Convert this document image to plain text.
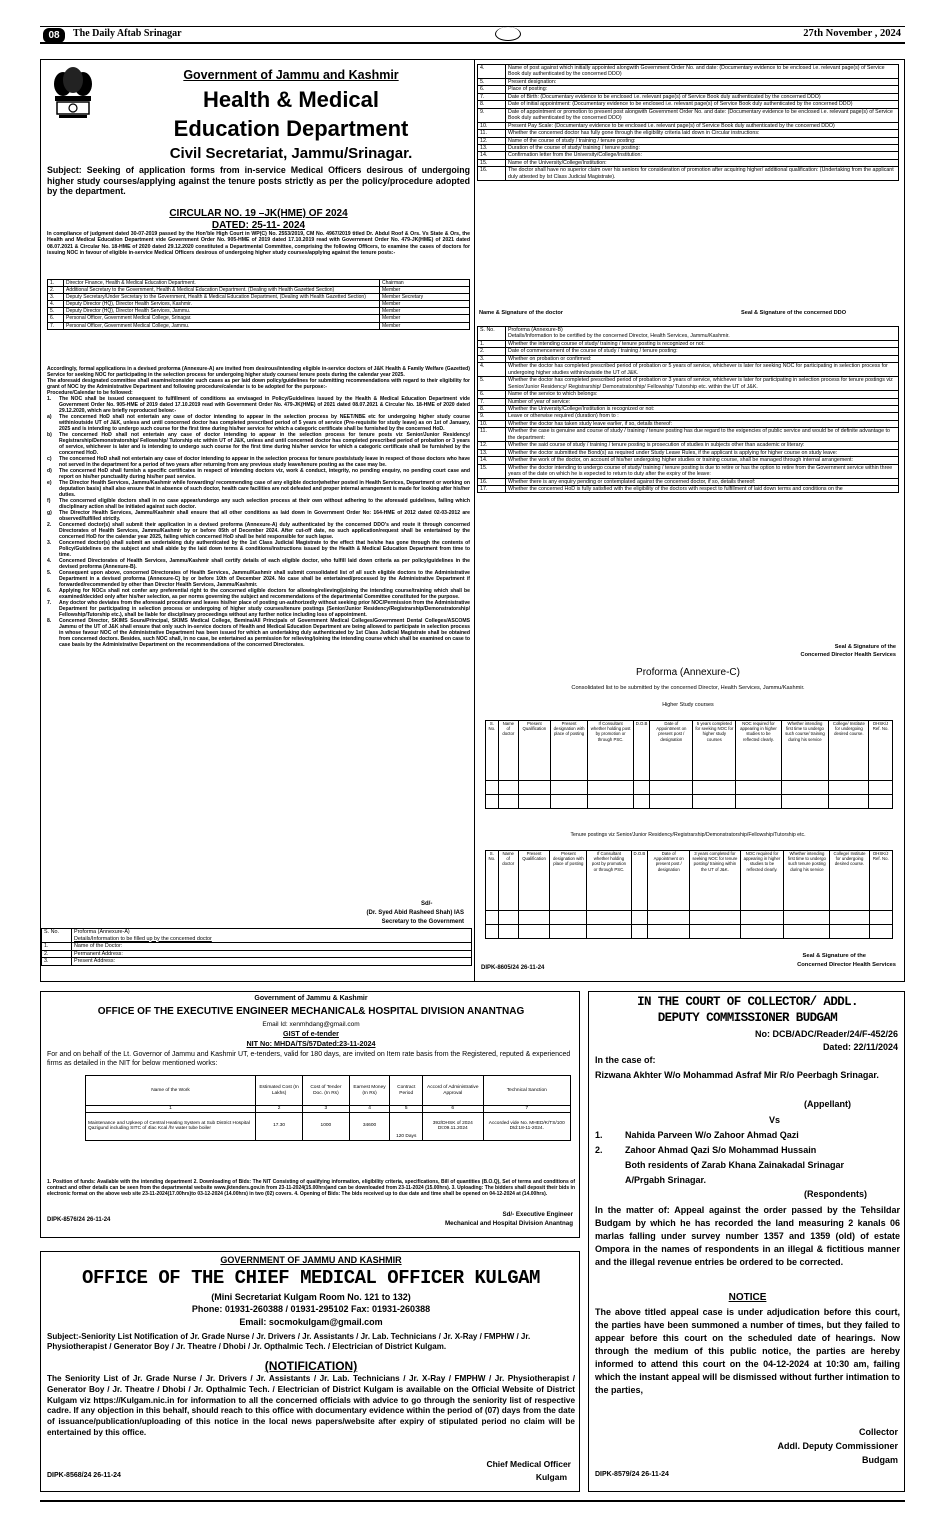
08	The Daily Aftab Srinagar	27th November , 2024
Government of Jammu and Kashmir
Health & Medical
Education Department
Civil Secretariat, Jammu/Srinagar.
Subject: Seeking of application forms from in-service Medical Officers desirous of undergoing higher study courses/applying against the tenure posts strictly as per the policy/procedure adopted by the department.
CIRCULAR NO. 19 –JK(HME) OF 2024
DATED: 25-11- 2024
In compliance of judgment dated 30-07-2019 passed by the Hon'ble High Court in WP(C) No. 2553/2019, CM No. 4967/2019 titled Dr. Abdul Roof & Ors. Vs State & Ors, the Health and Medical Education Department vide Government Order No. 905-HME of 2019 dated 17.10.2019 read with Government Order No. 479-JK(HME) of 2021 dated 08.07.2021 & Circular No. 18-HME of 2020 dated 29.12.2020 constituted a Departmental Committee, comprising the following Officers, to examine the cases of doctors for issuing NOC in favour of eligible in-service Medical Officers desirous of undergoing higher study courses/applying against the tenure posts:-
1.	Director Finance, Health & Medical Education Department.	Chairman
2.	Additional Secretary to the Government, Health & Medical Education Department. (Dealing with Health Gazetted Section)	Member
3.	Deputy Secretary/Under Secretary to the Government, Health & Medical Education Department, (Dealing with Health Gazetted Section)	Member Secretary
4.	Deputy Director (HQ), Director Health Services, Kashmir.	Member
5.	Deputy Director (HQ), Director Health Services, Jammu.	Member
6.	Personal Officer, Government Medical College, Srinagar.	Member
7.	Personal Officer, Government Medical College, Jammu.	Member
Accordingly, formal applications in a devised proforma (Annexure-A) are invited from desirous/intending eligible in-service doctors of J&K Health & Family Welfare (Gazetted) Service for seeking NOC for participating in the selection process for undergoing higher study courses/ tenure posts during the calendar year 2025.
The aforesaid designated committee shall examine/consider such cases as per laid down policy/guidelines for submitting recommendations with regard to their eligibility for grant of NOC by the Administrative Department and following procedure/calendar is to be adopted for the purpose:-
Procedure/Calendar to be followed:
1.	The NOC shall be issued consequent to fulfillment of conditions as envisaged in Policy/Guidelines issued by the Health & Medical Education Department vide Government Order No. 905-HME of 2019 dated 17.10.2019 read with Government Order No. 479-JK(HME) of 2021 dated 08.07.2021 & Circular No. 18-HME of 2020 dated 29.12.2020, which are briefly reproduced below:-
a)	The concerned HoD shall not entertain any case of doctor intending to appear in the selection process by NEET/NBE etc for undergoing higher study course within/outside UT of J&K, unless and until concerned doctor has completed prescribed period of 5 years of service (Pre-requisite for study leave) as on 1st of January, 2025 and is intending to undergo such course for the first time during his/her service for which a categoric certificate shall be furnished by the concerned HoD.
b)	The concerned HoD shall not entertain any case of doctor intending to appear in the selection process for tenure posts viz Senior/Junior Residency/ Registrarship/Demonstratorship/ Fellowship/ Tutorship etc within UT of J&K, unless and until concerned doctor has completed prescribed period of probation or 3 years of service, whichever is later and is intending to undergo such course for the first time during his/her service for which a categoric certificate shall be furnished by the concerned HoD.
c)	The concerned HoD shall not entertain any case of doctor intending to appear in the selection process for tenure posts/study leave in respect of those doctors who have not served in the department for a period of two years after returning from any previous study leave/tenure posting as the case may be.
d)	The concerned HoD shall furnish a specific certificates in respect of intending doctors viz, work & conduct, integrity, no pending enquiry, no pending court case and report on his/her punctuality during his/her past service.
e)	The Director Health Services, Jammu/Kashmir while forwarding/ recommending case of any eligible doctor(whether posted in Health Services, Department or working on deputation basis) shall also ensure that in absence of such doctor, health care facilities are not defeated and proper internal arrangement is made for looking after his/her duties.
f)	The concerned eligible doctors shall in no case appear/undergo any such selection process at their own without adhering to the aforesaid guidelines, failing which disciplinary action shall be initiated against such doctor.
g)	The Director Health Services, Jammu/Kashmir shall ensure that all other conditions as laid down in Government Order No: 164-HME of 2012 dated 02-03-2012 are observed/fulfilled strictly.
2.	Concerned doctor(s) shall submit their application in a devised proforma (Annexure-A) duly authenticated by the concerned DDO's and route it through concerned Directorates of Health Services, Jammu/Kashmir by or before 05th of December 2024. After cut-off date, no such application/request shall be entertained by the concerned HoD for the calendar year 2025, failing which concerned HoD shall be held responsible for such lapse.
3.	Concerned doctor(s) shall submit an undertaking duly authenticated by the 1st Class Judicial Magistrate to the effect that he/she has gone through the contents of Policy/Guidelines on the subject and shall abide by the laid down terms & conditions/instructions issued by the Health & Medical Education Department from time to time.
4.	Concerned Directorates of Health Services, Jammu/Kashmir shall certify details of each eligible doctor, who fulfill laid down criteria as per policy/guidelines in the devised proforma (Annexure-B).
5.	Consequent upon above, concerned Directorates of Health Services, Jammu/Kashmir shall submit consolidated list of all such eligible doctors to the Administrative Department in a devised proforma (Annexure-C) by or before 10th of December 2024. No case shall be entertained/processed by the Administrative Department if forwarded/recommended by other than Director Health Services, Jammu/Kashmir.
6.	Applying for NOCs shall not confer any preferential right to the concerned eligible doctors for allowing/relieving/joining the intending course/training which shall be examined/decided only after his/her selection, as per norms governing the subject and recommendations of the departmental Committee constituted for the purpose.
7.	Any doctor who deviates from the aforesaid procedure and leaves his/her place of posting un-authorizedly without seeking prior NOC/Permission from the Administrative Department for participating in selection process or undergoing of higher study courses/tenure postings (Senior/Junior Residency/Registrarship/Demonstratorship/ Fellowship/Tutorship etc.), shall be liable for disciplinary proceedings without any further notice including loss of appointment.
8.	Concerned Director, SKIMS Soura/Principal, SKIMS Medical College, Bemina/All Principals of Government Medical Colleges/Government Dental Colleges/ASCOMS Jammu of the UT of J&K shall ensure that only such in-service doctors of Health and Medical Education Department are being allowed to participate in selection process in whose favour NOC of the Administrative Department has been issued for which an undertaking duly authenticated by 1st Class Judicial Magistrate shall be obtained from concerned doctors. Besides, such NOC shall, in no case, be entertained as permission for relieving/joining the intending course which shall be examined on case to case basis by the Administrative Department on the recommendations of the concerned Directorates.
Sd/-
(Dr. Syed Abid Rasheed Shah) IAS
Secretary to the Government
S. No.	Proforma (Annexure-A)
Details/Information to be filled up by the concerned doctor

1.	Name of the Doctor:
2.	Permanent Address:
3.	Present Address:
4.	Name of post against which initially appointed alongwith Government Order No. and date: (Documentary evidence to be enclosed i.e. relevant page(s) of Service Book duly authenticated by the concerned DDO)
5.	Present designation:
6.	Place of posting:
7.	Date of Birth: (Documentary evidence to be enclosed i.e. relevant page(s) of Service Book duly authenticated by the concerned DDO)
8.	Date of initial appointment: (Documentary evidence to be enclosed i.e. relevant page(s) of Service Book duly authenticated by the concerned DDO)
9.	Date of appointment or promotion to present post alongwith Government Order No. and date: (Documentary evidence to be enclosed i.e. relevant page(s) of Service Book duly authenticated by the concerned DDO)
10.	Present Pay Scale: (Documentary evidence to be enclosed i.e. relevant page(s) of Service Book duly authenticated by the concerned DDO)
11.	Whether the concerned doctor has fully gone through the eligibility criteria laid down in Circular instructions:
12.	Name of the course of study / training / tenure posting:
13.	Duration of the course of study/ training / tenure posting:
14.	Confirmation letter from the University/College/Institution:
15.	Name of the University/College/Institution:
16.	The doctor shall have no superior claim over his seniors for consideration of promotion after acquiring higher/ additional qualification: (Undertaking from the applicant duly attested by Ist Class Judicial Magistrate).
Name & Signature of the doctor	Seal & Signature of the concerned DDO
S. No.	Proforma (Annexure-B)
Details/Information to be certified by the concerned Director, Health Services, Jammu/Kashmir.

1.	Whether the intending course of study/ training / tenure posting is recognized or not:
2.	Date of commencement of the course of study / training / tenure posting:
3.	Whether on probation or confirmed:
4.	Whether the doctor has completed prescribed period of probation or 5 years of service, whichever is later for seeking NOC for participating in selection process for undergoing higher studies within/outside the UT of J&K.
5.	Whether the doctor has completed prescribed period of probation or 3 years of service, whichever is later for participating in selection process for tenure postings viz Senior/Junior Residency/ Registrarship/ Demonstratorship/ Fellowship/ Tutorship etc. within the UT of J&K.
6.	Name of the service to which belongs:
7.	Number of year of service:
8.	Whether the University/College/Institution is recognized or not:
9.	Leave or otherwise required (duration) from to :
10.	Whether the doctor has taken study leave earlier, if so, details thereof:
11.	Whether the case is genuine and course of study / training / tenure posting has due regard to the exigencies of public service and would be of definite advantage to the department:
12.	Whether the said course of study / training / tenure posting is prosecution of studies in subjects other than academic or literary:
13.	Whether the doctor submitted the Bond(s) as required under Study Leave Rules, if the applicant is applying for higher course on study leave:
14.	Whether the work of the doctor, on account of his/her undergoing higher studies or training course, shall be managed through internal arrangement:
15.	Whether the doctor intending to undergo course of study/ training / tenure posting is due to retire or has the option to retire from the Government service within three years of the date on which he is expected to return to duty after the expiry of the leave:
16.	Whether there is any enquiry pending or contemplated against the concerned doctor, if so, details thereof:
17.	Whether the concerned HoD is fully satisfied with the eligibility of the doctors with respect to fulfillment of laid down terms and conditions on the
Seal & Signature of the
Concerned Director Health Services
Proforma (Annexure-C)
Consolidated list to be submitted by the concerned Director, Health Services, Jammu/Kashmir.
Higher Study courses
S. No.	Name of doctor	Present Qualification	Present designation with place of posting	If Consultant whether holding post by promotion or through PSC.	D.O.B	Date of Appointment on present post / designation	5 years completed for seeking NOC for higher study courses	NOC required for appearing in higher studies to be reflected clearly.	Whether intending first time to undergo such course/ training during his service	College/ Institute for undergoing desired course.	DHSK/J Ref. No.

Tenure postings viz Senior/Junior Residency/Registrarship/Demonstratorship/Fellowship/Tutorship etc.
S. No.	Name of doctor	Present Qualification	Present designation with place of posting	If Consultant whether holding post by promotion or through PSC.	D.O.B	Date of Appointment on present post / designation	3 years completed for seeking NOC for tenure posting/ training within the UT of J&K.	NOC required for appearing in higher studies to be reflected clearly.	Whether intending first time to undergo such tenure posting during his service	College/ Institute for undergoing desired course.	DHSK/J Ref. No.

DIPK-8605/24 26-11-24
Seal & Signature of the
Concerned Director Health Services
Government of Jammu & Kashmir
OFFICE OF THE EXECUTIVE ENGINEER MECHANICAL& HOSPITAL DIVISION ANANTNAG
Email Id: xenmhdang@gmail.com
GIST of e-tender
NIT No: MHDA/TS/57Dated:23-11-2024
For and on behalf of the Lt. Governor of Jammu and Kashmir UT, e-tenders, valid for 180 days, are invited on Item rate basis from the Registered, reputed & experienced firms as detailed in the NIT for below mentioned works:
Name of the Work	Estimated Cost (In Lakhs)	Cost of Tender Doc. (In Rs)	Earnest Money (In Rs)	Contract Period	Accord of Administrative Approval	Technical Sanction
1	2	3	4	5	6	7
Maintenance and Upkeep of Central Heating System at Sub District Hospital Qazigund including SITC of 4lac Kcal /hr water tube boiler	17.30	1000	34600	120 Days	392/DHSK of 2024 Dt:09.11.2024	Accorded vide No. MHED/K/TS/100 Dtd:18-11-2024.
1. Position of funds: Available with the intending department 2. Downloading of Bids: The NIT Consisting of qualifying information, eligibility criteria, specifications, Bill of quantities (B.O.Q), Set of terms and conditions of contract and other details can be seen from the departmental website www.jktenders.gov.in from 23-11-2024(15.00hrs)and can be downloaded from 23-11-2024 (15.00hrs). 3. Uploading: The bidders shall deposit their bids in electronic format on the above web site 23-11-2024(17.00hrs)to 03-12-2024 (14.00hrs) in two (02) covers. 4. Opening of Bids: The bids received up to due date and time shall be opened on 04-12-2024 at (14.00hrs).
DIPK-8576/24 26-11-24
Sd/- Executive Engineer
Mechanical and Hospital Division Anantnag
GOVERNMENT OF JAMMU AND KASHMIR
OFFICE OF THE CHIEF MEDICAL OFFICER KULGAM
(Mini Secretariat Kulgam Room No. 121 to 132)
Phone: 01931-260388 / 01931-295102 Fax: 01931-260388
Email: socmokulgam@gmail.com
Subject:-Seniority List Notification of Jr. Grade Nurse / Jr. Drivers / Jr. Assistants / Jr. Lab. Technicians / Jr. X-Ray / FMPHW / Jr. Physiotherapist / Generator Boy / Jr. Theatre / Dhobi / Jr. Opthalmic Tech. / Electrician of District Kulgam.
(NOTIFICATION)
The Seniority List of Jr. Grade Nurse / Jr. Drivers / Jr. Assistants / Jr. Lab. Technicians / Jr. X-Ray / FMPHW / Jr. Physiotherapist / Generator Boy / Jr. Theatre / Dhobi / Jr. Opthalmic Tech. / Electrician of District Kulgam is available on the Official Website of District Kulgam viz https://Kulgam.nic.in for information to all the concerned officials with advice to go through the seniority list of respective cadre. If any objection in this behalf, should reach to this office with documentary evidence within the period of (07) days from the date of issuance/publication/uploading of this notice in the local news papers/website after expiry of stipulated period no claim will be entertained by this office.
Chief Medical Officer
Kulgam
DIPK-8568/24 26-11-24
IN THE COURT OF COLLECTOR/ ADDL.
DEPUTY COMMISSIONER BUDGAM
No: DCB/ADC/Reader/24/F-452/26
Dated: 22/11/2024
In the case of:
Rizwana Akhter W/o Mohammad Asfraf Mir R/o Peerbagh Srinagar.
(Appellant)
Vs
1. Nahida Parveen W/o Zahoor Ahmad Qazi
2. Zahoor Ahmad Qazi S/o Mohammad Hussain
Both residents of Zarab Khana Zainakadal Srinagar
A/Prgabh Srinagar.
(Respondents)
In the matter of: Appeal against the order passed by the Tehsildar Budgam by which he has recorded the land measuring 2 kanals 06 marlas falling under survey number 1357 and 1359 (old) of estate Ompora in the names of respondents in an illegal & fictitious manner and the illegal revenue entries be ordered to be corrected.
NOTICE
The above titled appeal case is under adjudication before this court, the parties have been summoned a number of times, but they failed to appear before this court on the scheduled date of hearings. Now through the medium of this public notice, the parties are hereby informed to attend this court on the 04-12-2024 at 10:30 am, failing which the instant appeal will be dismissed without further intimation to the parties,
Collector
Addl. Deputy Commissioner
Budgam
DIPK-8579/24 26-11-24
